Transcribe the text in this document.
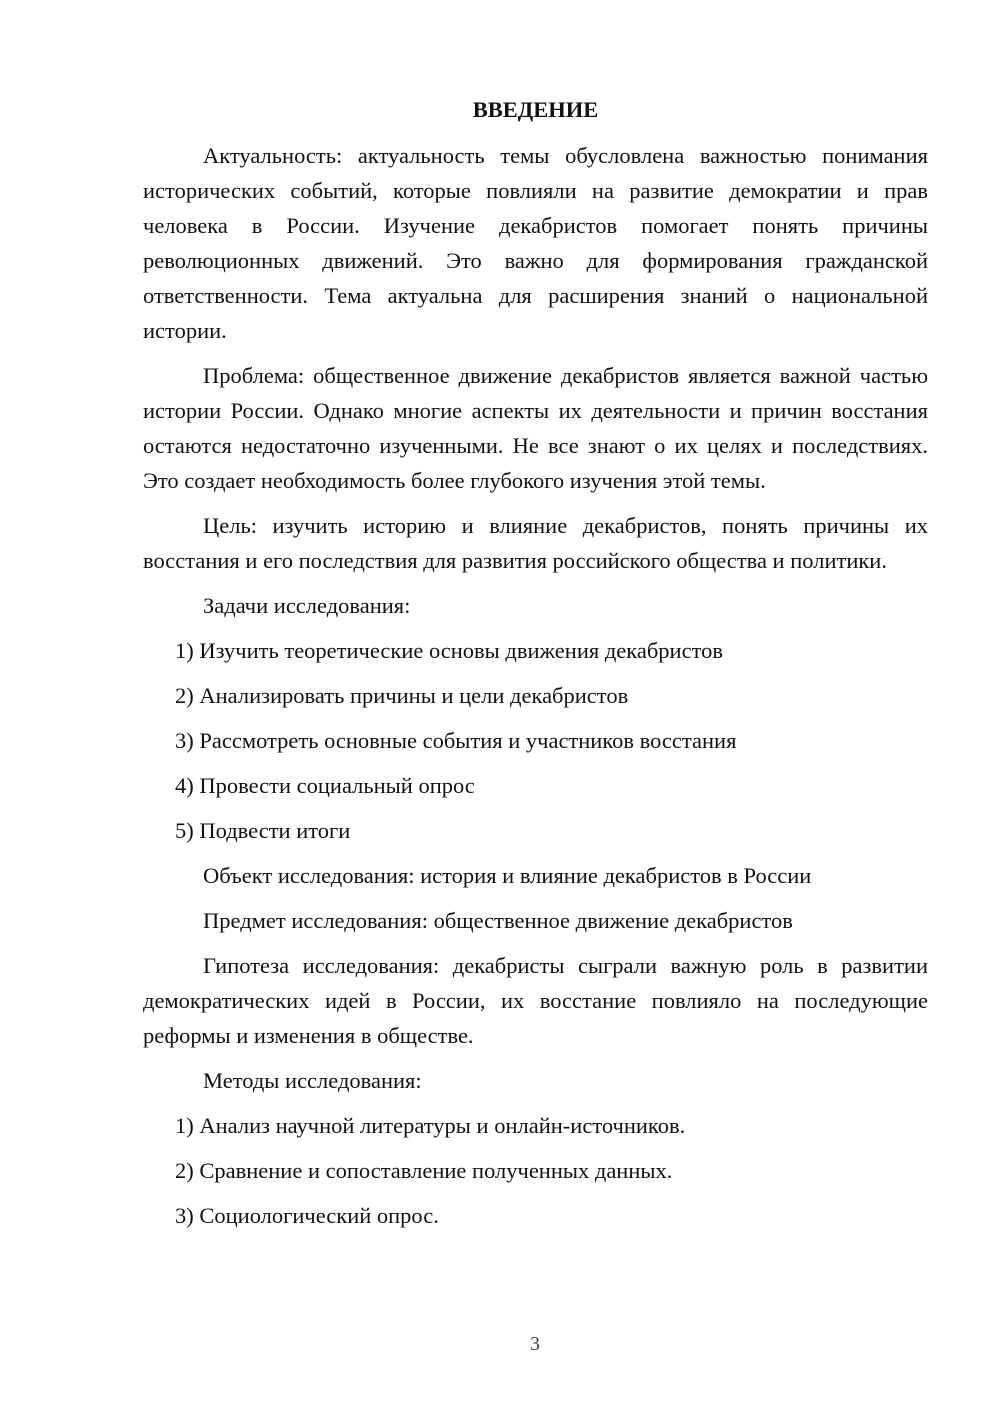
ВВЕДЕНИЕ

Актуальность: актуальность темы обусловлена важностью понимания исторических событий, которые повлияли на развитие демократии и прав человека в России. Изучение декабристов помогает понять причины революционных движений. Это важно для формирования гражданской ответственности. Тема актуальна для расширения знаний о национальной истории.

Проблема: общественное движение декабристов является важной частью истории России. Однако многие аспекты их деятельности и причин восстания остаются недостаточно изученными. Не все знают о их целях и последствиях. Это создает необходимость более глубокого изучения этой темы.

Цель: изучить историю и влияние декабристов, понять причины их восстания и его последствия для развития российского общества и политики.

Задачи исследования:

1) Изучить теоретические основы движения декабристов
2) Анализировать причины и цели декабристов
3) Рассмотреть основные события и участников восстания
4) Провести социальный опрос
5) Подвести итоги

Объект исследования: история и влияние декабристов в России

Предмет исследования: общественное движение декабристов

Гипотеза исследования: декабристы сыграли важную роль в развитии демократических идей в России, их восстание повлияло на последующие реформы и изменения в обществе.

Методы исследования:

1) Анализ научной литературы и онлайн-источников.
2) Сравнение и сопоставление полученных данных.
3) Социологический опрос.
3
